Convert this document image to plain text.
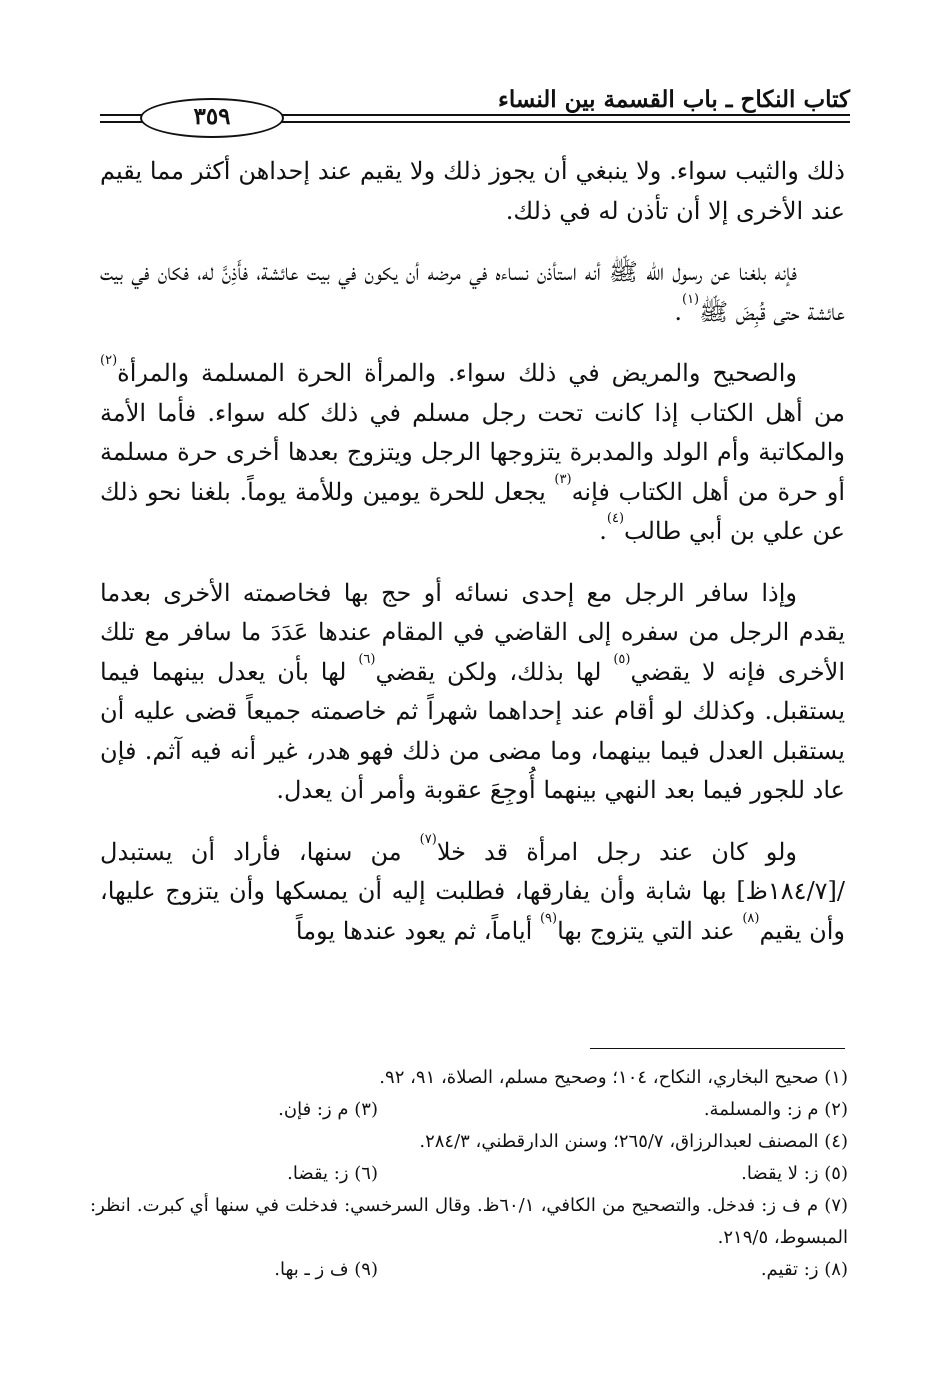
كتاب النكاح ـ باب القسمة بين النساء
٣٥٩

ذلك والثيب سواء. ولا ينبغي أن يجوز ذلك ولا يقيم عند إحداهن أكثر مما يقيم عند الأخرى إلا أن تأذن له في ذلك.

فإنه بلغنا عن رسول الله ﷺ أنه استأذن نساءه في مرضه أن يكون في بيت عائشة، فأَذِنَّ له، فكان في بيت عائشة حتى قُبِضَ ﷺ$^{(١)}$.

والصحيح والمريض في ذلك سواء. والمرأة الحرة المسلمة والمرأة$^{(٢)}$ من أهل الكتاب إذا كانت تحت رجل مسلم في ذلك كله سواء. فأما الأمة والمكاتبة وأم الولد والمدبرة يتزوجها الرجل ويتزوج بعدها أخرى حرة مسلمة أو حرة من أهل الكتاب فإنه$^{(٣)}$ يجعل للحرة يومين وللأمة يوماً. بلغنا نحو ذلك عن علي بن أبي طالب$^{(٤)}$.

وإذا سافر الرجل مع إحدى نسائه أو حج بها فخاصمته الأخرى بعدما يقدم الرجل من سفره إلى القاضي في المقام عندها عَدَدَ ما سافر مع تلك الأخرى فإنه لا يقضي$^{(٥)}$ لها بذلك، ولكن يقضي$^{(٦)}$ لها بأن يعدل بينهما فيما يستقبل. وكذلك لو أقام عند إحداهما شهراً ثم خاصمته جميعاً قضى عليه أن يستقبل العدل فيما بينهما، وما مضى من ذلك فهو هدر، غير أنه فيه آثم. فإن عاد للجور فيما بعد النهي بينهما أُوجِعَ عقوبة وأمر أن يعدل.

ولو كان عند رجل امرأة قد خلا$^{(٧)}$ من سنها، فأراد أن يستبدل /[١٨٤/٧ظ] بها شابة وأن يفارقها، فطلبت إليه أن يمسكها وأن يتزوج عليها، وأن يقيم$^{(٨)}$ عند التي يتزوج بها$^{(٩)}$ أياماً، ثم يعود عندها يوماً

(١) صحيح البخاري، النكاح، ١٠٤؛ وصحيح مسلم، الصلاة، ٩١، ٩٢.
(٢) م ز: والمسلمة.
(٣) م ز: فإن.
(٤) المصنف لعبدالرزاق، ٢٦٥/٧؛ وسنن الدارقطني، ٢٨٤/٣.
(٥) ز: لا يقضا.
(٦) ز: يقضا.
(٧) م ف ز: فدخل. والتصحيح من الكافي، ٦٠/١ظ. وقال السرخسي: فدخلت في سنها أي كبرت. انظر: المبسوط، ٢١٩/٥.
(٨) ز: تقيم.
(٩) ف ز ـ بها.
